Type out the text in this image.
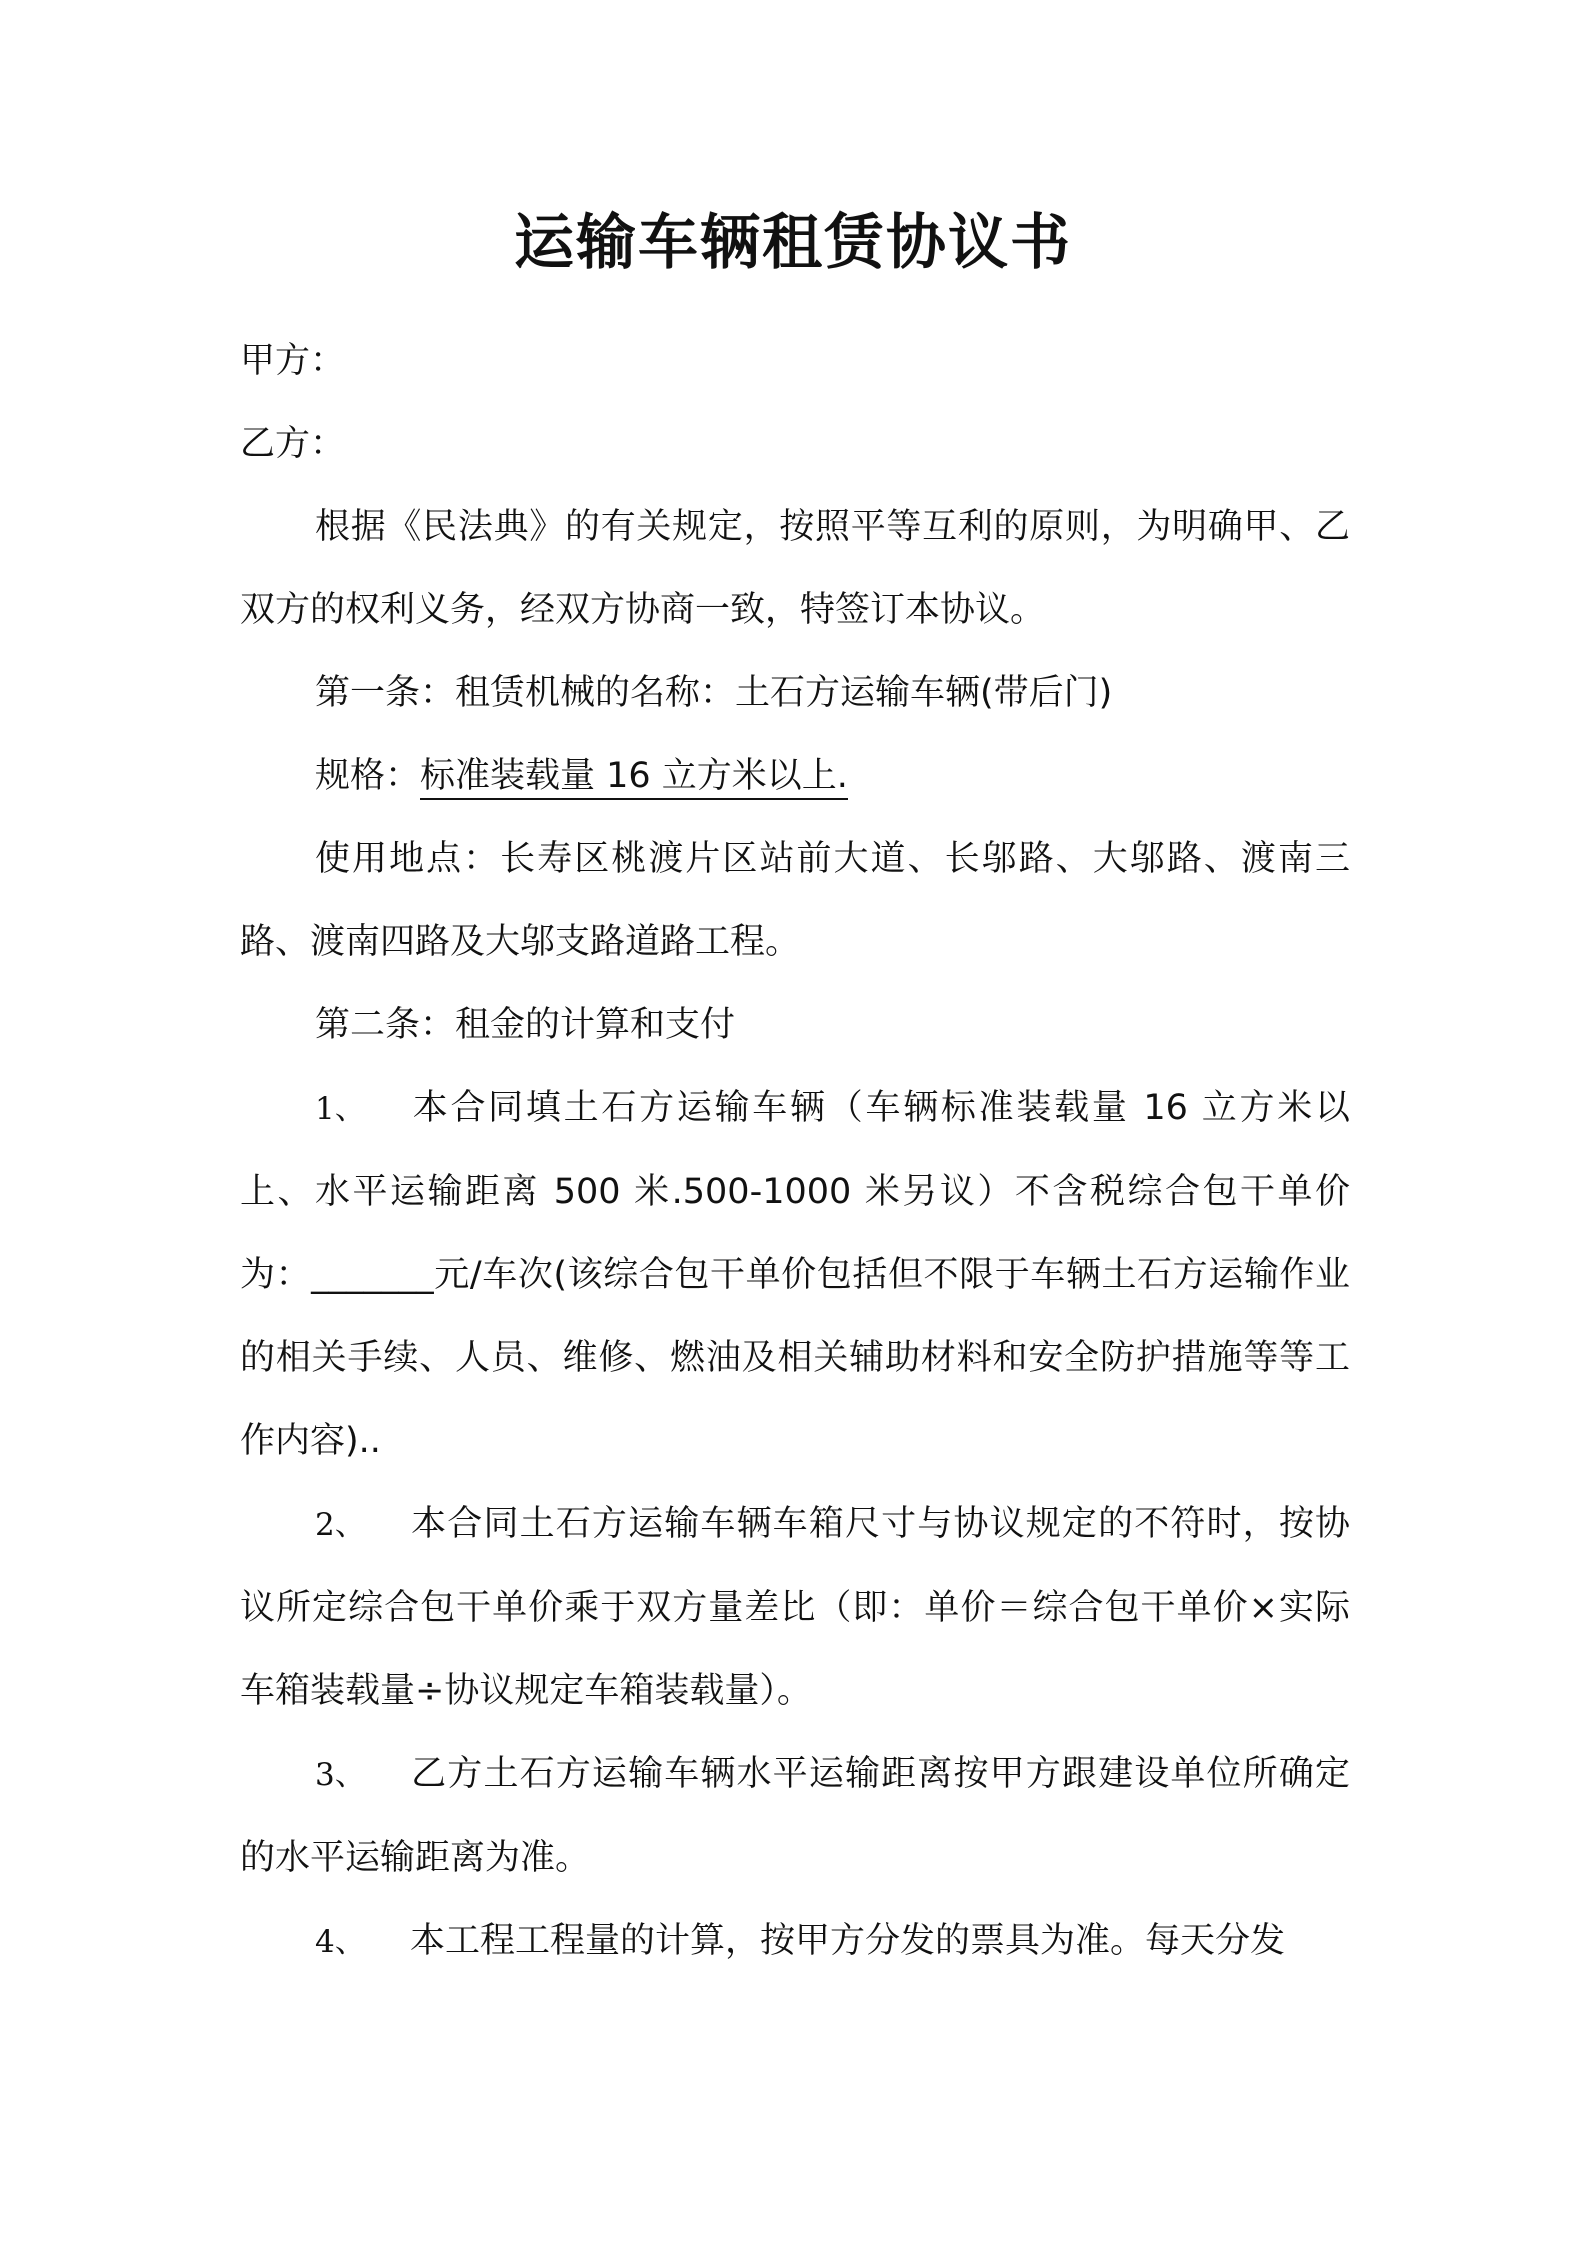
运输车辆租赁协议书

甲方：

乙方：

根据《民法典》的有关规定，按照平等互利的原则，为明确甲、乙双方的权利义务，经双方协商一致，特签订本协议。

第一条：租赁机械的名称：土石方运输车辆(带后门)

规格：标准装载量 16 立方米以上.

使用地点：长寿区桃渡片区站前大道、长邬路、大邬路、渡南三路、渡南四路及大邬支路道路工程。

第二条：租金的计算和支付

1、 本合同填土石方运输车辆（车辆标准装载量 16 立方米以上、水平运输距离 500 米.500-1000 米另议）不含税综合包干单价为：_______元/车次(该综合包干单价包括但不限于车辆土石方运输作业的相关手续、人员、维修、燃油及相关辅助材料和安全防护措施等等工作内容)..

2、 本合同土石方运输车辆车箱尺寸与协议规定的不符时，按协议所定综合包干单价乘于双方量差比（即：单价＝综合包干单价×实际车箱装载量÷协议规定车箱装载量）。

3、 乙方土石方运输车辆水平运输距离按甲方跟建设单位所确定的水平运输距离为准。

4、 本工程工程量的计算，按甲方分发的票具为准。每天分发
